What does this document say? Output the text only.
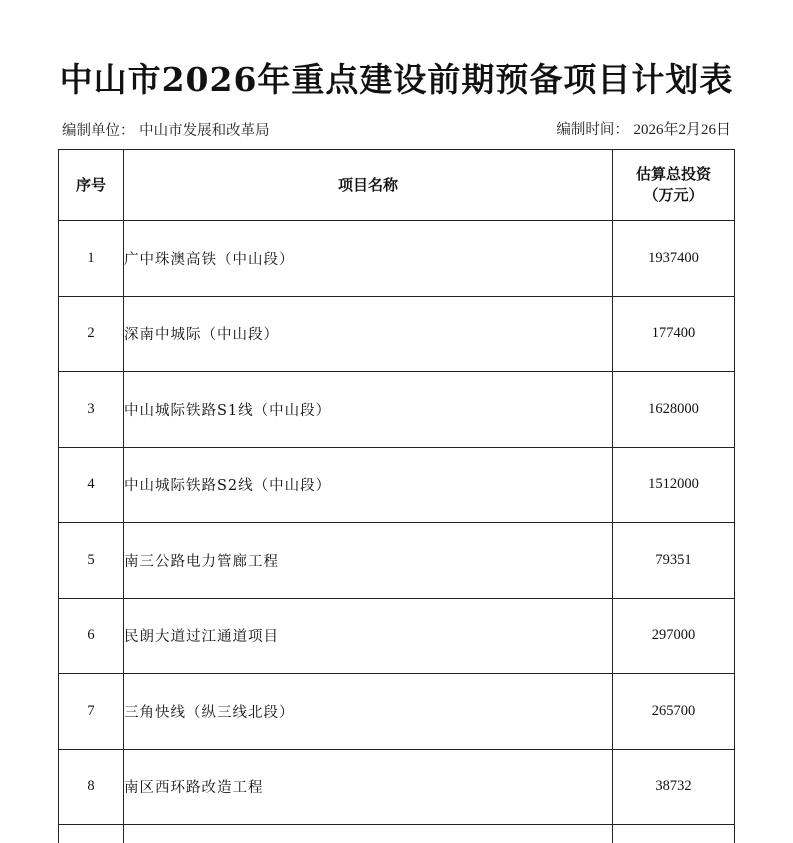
中山市2026年重点建设前期预备项目计划表
编制单位： 中山市发展和改革局	编制时间： 2026年2月26日
序号	项目名称	估算总投资
（万元）

1	广中珠澳高铁（中山段）	1937400
2	深南中城际（中山段）	177400
3	中山城际铁路S1线（中山段）	1628000
4	中山城际铁路S2线（中山段）	1512000
5	南三公路电力管廊工程	79351
6	民朗大道过江通道项目	297000
7	三角快线（纵三线北段）	265700
8	南区西环路改造工程	38732
